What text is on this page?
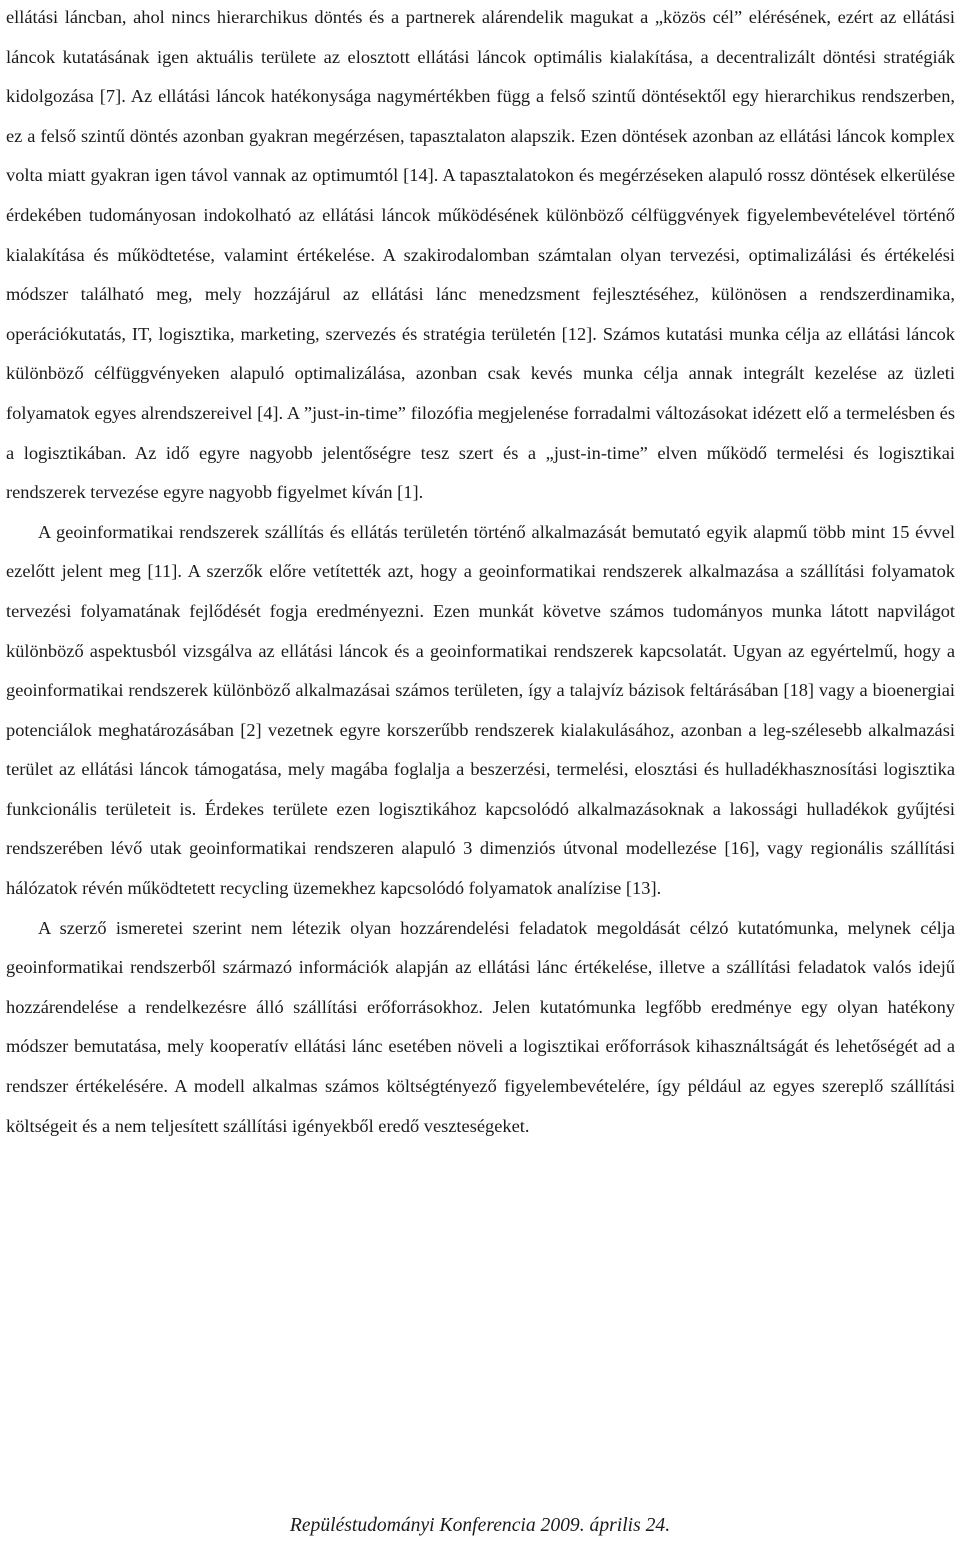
ellátási láncban, ahol nincs hierarchikus döntés és a partnerek alárendelik magukat a „közös cél” elérésének, ezért az ellátási láncok kutatásának igen aktuális területe az elosztott ellátási láncok optimális kialakítása, a decentralizált döntési stratégiák kidolgozása [7]. Az ellátási láncok hatékonysága nagymértékben függ a felső szintű döntésektől egy hierarchikus rendszerben, ez a felső szintű döntés azonban gyakran megérzésen, tapasztalaton alapszik. Ezen döntések azonban az ellátási láncok komplex volta miatt gyakran igen távol vannak az optimumtól [14]. A tapasztalatokon és megérzéseken alapuló rossz döntések elkerülése érdekében tudományosan indokolható az ellátási láncok működésének különböző célfüggvények figyelembevételével történő kialakítása és működtetése, valamint értékelése. A szakirodalomban számtalan olyan tervezési, optimalizálási és értékelési módszer található meg, mely hozzájárul az ellátási lánc menedzsment fejlesztéséhez, különösen a rendszerdinamika, operációkutatás, IT, logisztika, marketing, szervezés és stratégia területén [12]. Számos kutatási munka célja az ellátási láncok különböző célfüggvényeken alapuló optimalizálása, azonban csak kevés munka célja annak integrált kezelése az üzleti folyamatok egyes alrendszereivel [4]. A ”just-in-time” filozófia megjelenése forradalmi változásokat idézett elő a termelésben és a logisztikában. Az idő egyre nagyobb jelentőségre tesz szert és a „just-in-time” elven működő termelési és logisztikai rendszerek tervezése egyre nagyobb figyelmet kíván [1].

A geoinformatikai rendszerek szállítás és ellátás területén történő alkalmazását bemutató egyik alapmű több mint 15 évvel ezelőtt jelent meg [11]. A szerzők előre vetítették azt, hogy a geoinformatikai rendszerek alkalmazása a szállítási folyamatok tervezési folyamatának fejlődését fogja eredményezni. Ezen munkát követve számos tudományos munka látott napvilágot különböző aspektusból vizsgálva az ellátási láncok és a geoinformatikai rendszerek kapcsolatát. Ugyan az egyértelmű, hogy a geoinformatikai rendszerek különböző alkalmazásai számos területen, így a talajvíz bázisok feltárásában [18] vagy a bioenergiai potenciálok meghatározásában [2] vezetnek egyre korszerűbb rendszerek kialakulásához, azonban a leg-szélesebb alkalmazási terület az ellátási láncok támogatása, mely magába foglalja a beszerzési, termelési, elosztási és hulladékhasznosítási logisztika funkcionális területeit is. Érdekes területe ezen logisztikához kapcsolódó alkalmazásoknak a lakossági hulladékok gyűjtési rendszerében lévő utak geoinformatikai rendszeren alapuló 3 dimenziós útvonal modellezése [16], vagy regionális szállítási hálózatok révén működtetett recycling üzemekhez kapcsolódó folyamatok analízise [13].

A szerző ismeretei szerint nem létezik olyan hozzárendelési feladatok megoldását célzó kutatómunka, melynek célja geoinformatikai rendszerből származó információk alapján az ellátási lánc értékelése, illetve a szállítási feladatok valós idejű hozzárendelése a rendelkezésre álló szállítási erőforrásokhoz. Jelen kutatómunka legfőbb eredménye egy olyan hatékony módszer bemutatása, mely kooperatív ellátási lánc esetében növeli a logisztikai erőforrások kihasználtságát és lehetőségét ad a rendszer értékelésére. A modell alkalmas számos költségtényező figyelembevételére, így például az egyes szereplő szállítási költségeit és a nem teljesített szállítási igényekből eredő veszteségeket.

Repüléstudományi Konferencia 2009. április 24.
